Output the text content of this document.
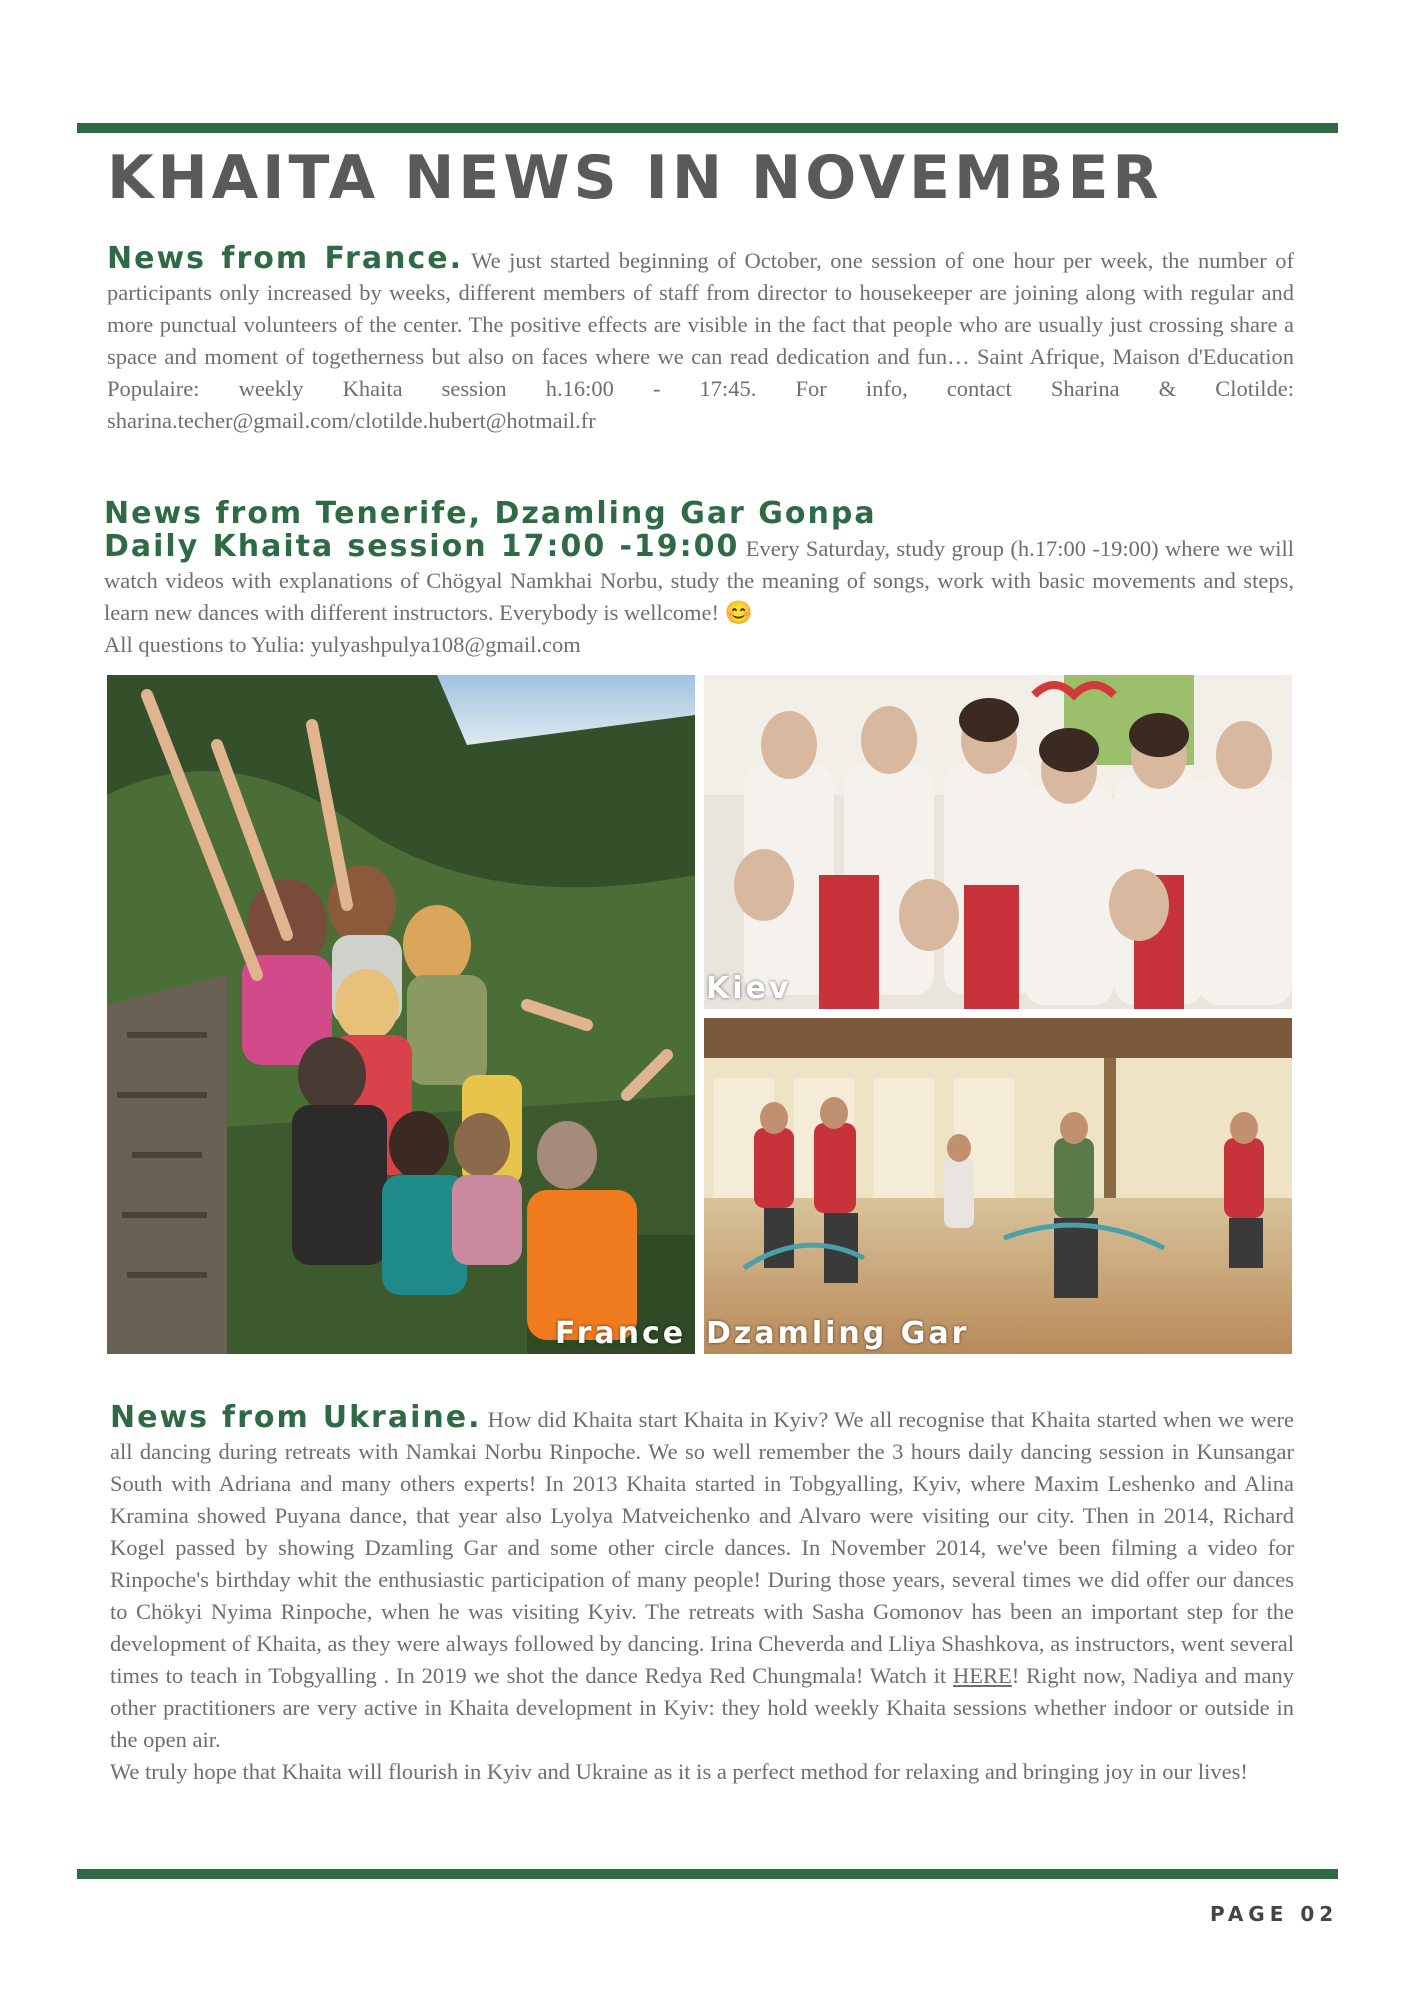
KHAITA NEWS IN NOVEMBER

News from France. We just started beginning of October, one session of one hour per week, the number of participants only increased by weeks, different members of staff from director to housekeeper are joining along with regular and more punctual volunteers of the center. The positive effects are visible in the fact that people who are usually just crossing share a space and moment of togetherness but also on faces where we can read dedication and fun… Saint Afrique, Maison d'Education Populaire: weekly Khaita session h.16:00 - 17:45. For info, contact Sharina & Clotilde: sharina.techer@gmail.com/clotilde.hubert@hotmail.fr

News from Tenerife, Dzamling Gar Gonpa

Daily Khaita session 17:00 -19:00 Every Saturday, study group (h.17:00 -19:00) where we will watch videos with explanations of Chögyal Namkhai Norbu, study the meaning of songs, work with basic movements and steps, learn new dances with different instructors. Everybody is wellcome! 😊
All questions to Yulia: yulyashpulya108@gmail.com

France
Kiev
Dzamling Gar

News from Ukraine. How did Khaita start Khaita in Kyiv? We all recognise that Khaita started when we were all dancing during retreats with Namkai Norbu Rinpoche. We so well remember the 3 hours daily dancing session in Kunsangar South with Adriana and many others experts! In 2013 Khaita started in Tobgyalling, Kyiv, where Maxim Leshenko and Alina Kramina showed Puyana dance, that year also Lyolya Matveichenko and Alvaro were visiting our city. Then in 2014, Richard Kogel passed by showing Dzamling Gar and some other circle dances. In November 2014, we've been filming a video for Rinpoche's birthday whit the enthusiastic participation of many people! During those years, several times we did offer our dances to Chökyi Nyima Rinpoche, when he was visiting Kyiv. The retreats with Sasha Gomonov has been an important step for the development of Khaita, as they were always followed by dancing. Irina Cheverda and Lliya Shashkova, as instructors, went several times to teach in Tobgyalling . In 2019 we shot the dance Redya Red Chungmala! Watch it HERE! Right now, Nadiya and many other practitioners are very active in Khaita development in Kyiv: they hold weekly Khaita sessions whether indoor or outside in the open air.
We truly hope that Khaita will flourish in Kyiv and Ukraine as it is a perfect method for relaxing and bringing joy in our lives!

PAGE 02
